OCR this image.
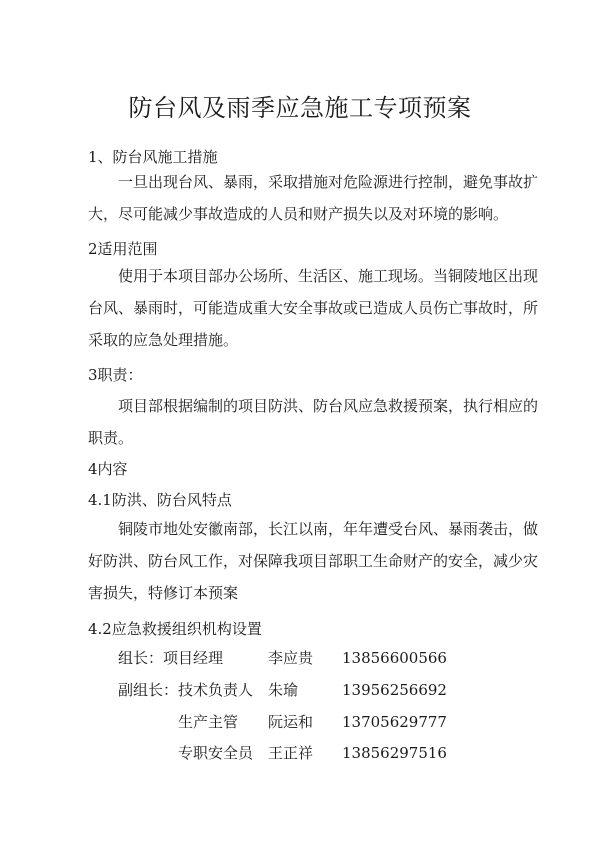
防台风及雨季应急施工专项预案

1、防台风施工措施

一旦出现台风、暴雨，采取措施对危险源进行控制，避免事故扩
大，尽可能减少事故造成的人员和财产损失以及对环境的影响。

2适用范围

使用于本项目部办公场所、生活区、施工现场。当铜陵地区出现
台风、暴雨时，可能造成重大安全事故或已造成人员伤亡事故时，所
采取的应急处理措施。

3职责：

项目部根据编制的项目防洪、防台风应急救援预案，执行相应的
职责。

4内容

4.1防洪、防台风特点

铜陵市地处安徽南部，长江以南，年年遭受台风、暴雨袭击，做
好防洪、防台风工作，对保障我项目部职工生命财产的安全，减少灾
害损失，特修订本预案

4.2应急救援组织机构设置

组长： 项目经理	李应贵 13856600566
副组长： 技术负责人 朱瑜	13956256692
生产主管 阮运和 13705629777
专职安全员 王正祥 13856297516
